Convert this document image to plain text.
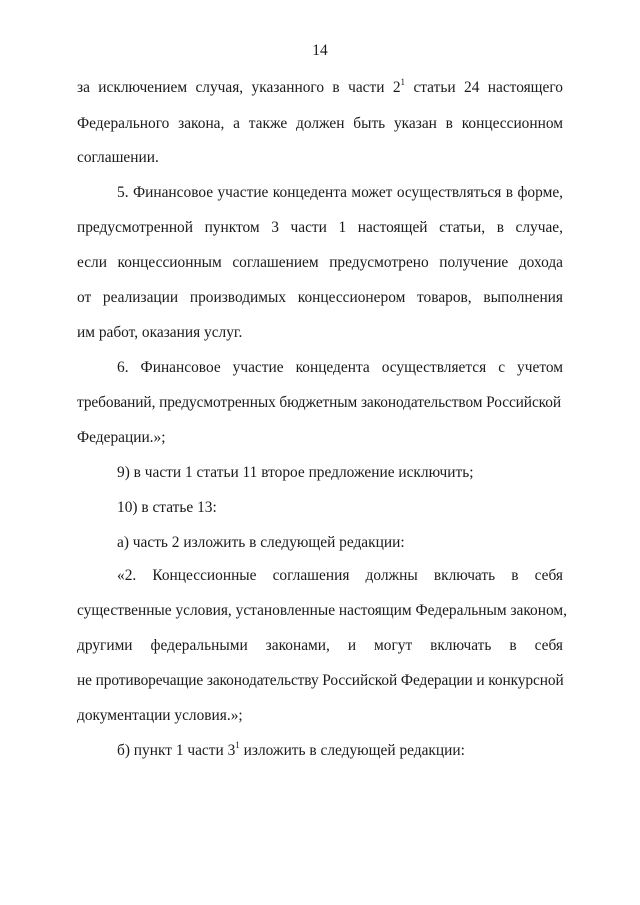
14
за исключением случая, указанного в части $2^1$ статьи 24 настоящего
Федерального закона, а также должен быть указан в концессионном
соглашении.
5. Финансовое участие концедента может осуществляться в форме,
предусмотренной пунктом 3 части 1 настоящей статьи, в случае,
если концессионным соглашением предусмотрено получение дохода
от реализации производимых концессионером товаров, выполнения
им работ, оказания услуг.
6. Финансовое участие концедента осуществляется с учетом
требований, предусмотренных бюджетным законодательством Российской
Федерации.»;
9) в части 1 статьи 11 второе предложение исключить;
10) в статье 13:
а) часть 2 изложить в следующей редакции:
«2. Концессионные соглашения должны включать в себя
существенные условия, установленные настоящим Федеральным законом,
другими федеральными законами, и могут включать в себя
не противоречащие законодательству Российской Федерации и конкурсной
документации условия.»;
б) пункт 1 части $3^1$ изложить в следующей редакции:
